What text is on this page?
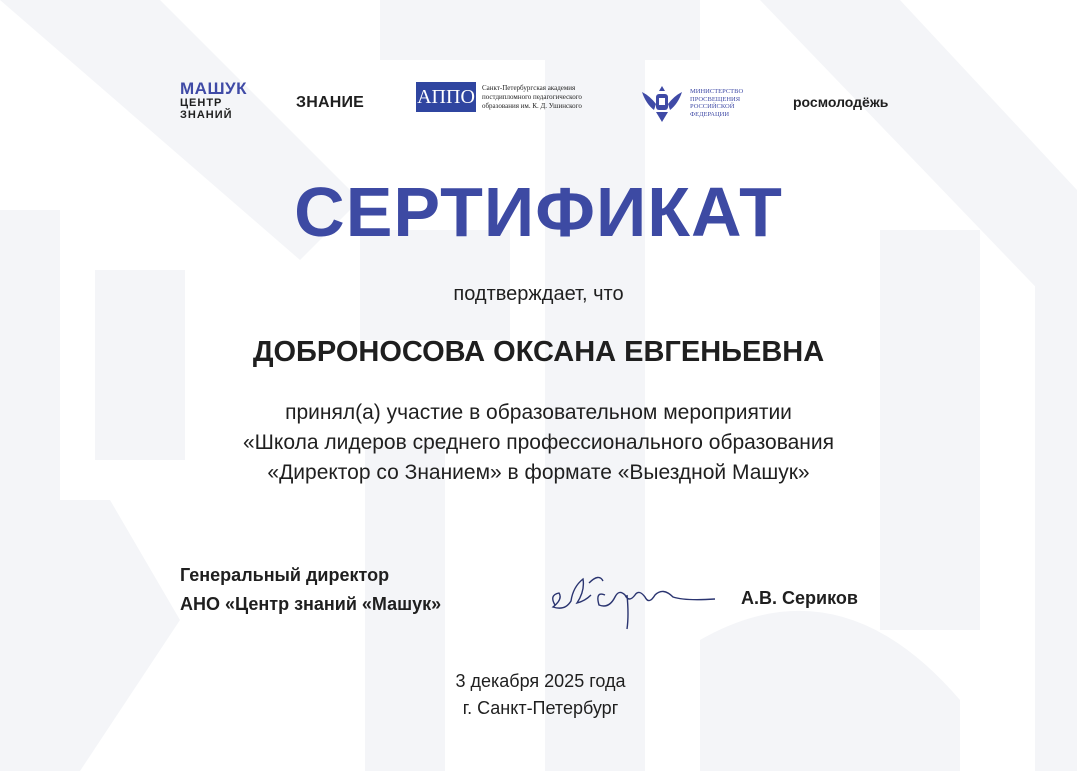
МАШУК
ЦЕНТР
ЗНАНИЙ
ЗНАНИЕ	АППО Санкт-Петербургская академия постдипломного педагогического образования им. К. Д. Ушинского
МИНИСТЕРСТВО
ПРОСВЕЩЕНИЯ
РОССИЙСКОЙ
ФЕДЕРАЦИИ
росмолодёжь
СЕРТИФИКАТ
подтверждает, что
ДОБРОНОСОВА ОКСАНА ЕВГЕНЬЕВНА
принял(а) участие в образовательном мероприятии
«Школа лидеров среднего профессионального образования
«Директор со Знанием» в формате «Выездной Машук»
Генеральный директор
АНО «Центр знаний «Машук»	А.В. Сериков
3 декабря 2025 года
г. Санкт-Петербург
